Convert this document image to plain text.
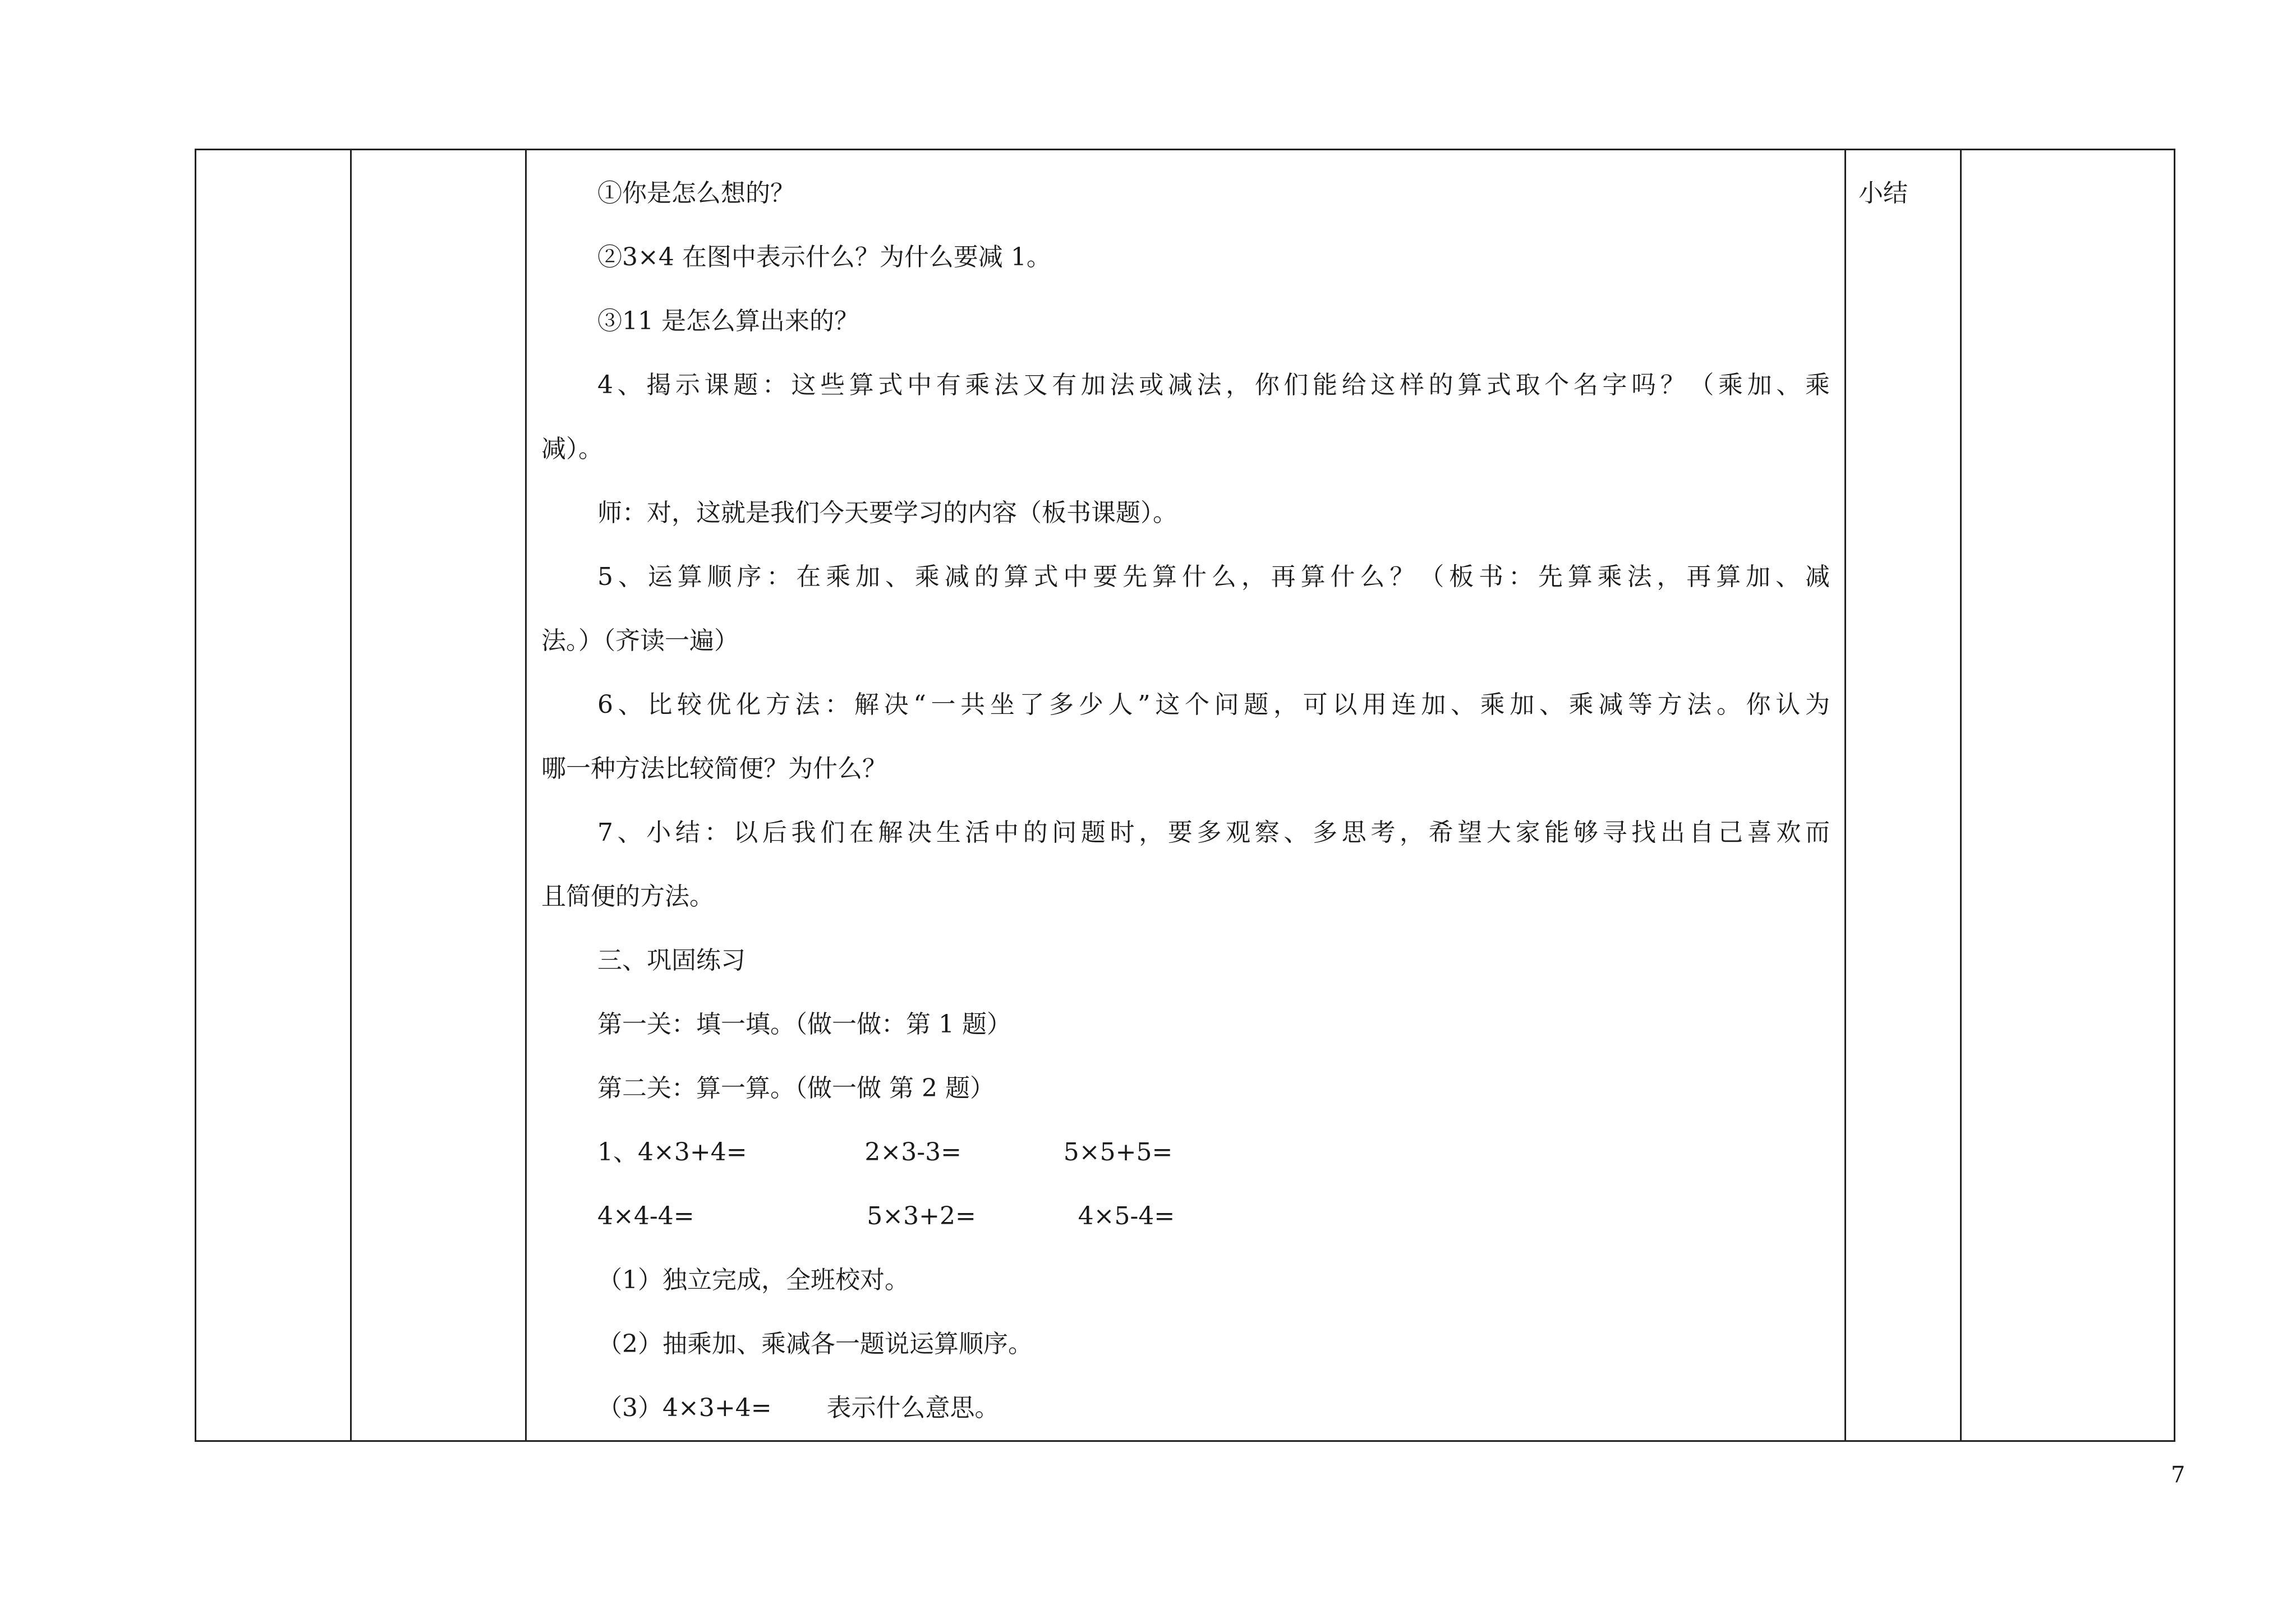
①你是怎么想的？

②3×4 在图中表示什么？为什么要减 1。

③11 是怎么算出来的？

4、揭示课题：这些算式中有乘法又有加法或减法，你们能给这样的算式取个名字吗？（乘加、乘

减）。

师：对，这就是我们今天要学习的内容（板书课题）。

5、运算顺序：在乘加、乘减的算式中要先算什么，再算什么？（板书：先算乘法，再算加、减

法。）（齐读一遍）

6、比较优化方法：解决“一共坐了多少人”这个问题，可以用连加、乘加、乘减等方法。你认为

哪一种方法比较简便？为什么？

7、小结：以后我们在解决生活中的问题时，要多观察、多思考，希望大家能够寻找出自己喜欢而

且简便的方法。

三、巩固练习

第一关：填一填。（做一做：第 1 题）

第二关：算一算。（做一做 第 2 题）

1、4×3+4=               2×3-3=             5×5+5=

4×4-4=                      5×3+2=             4×5-4=

（1）独立完成，全班校对。

（2）抽乘加、乘减各一题说运算顺序。

（3）4×3+4=       表示什么意思。

小结

7
